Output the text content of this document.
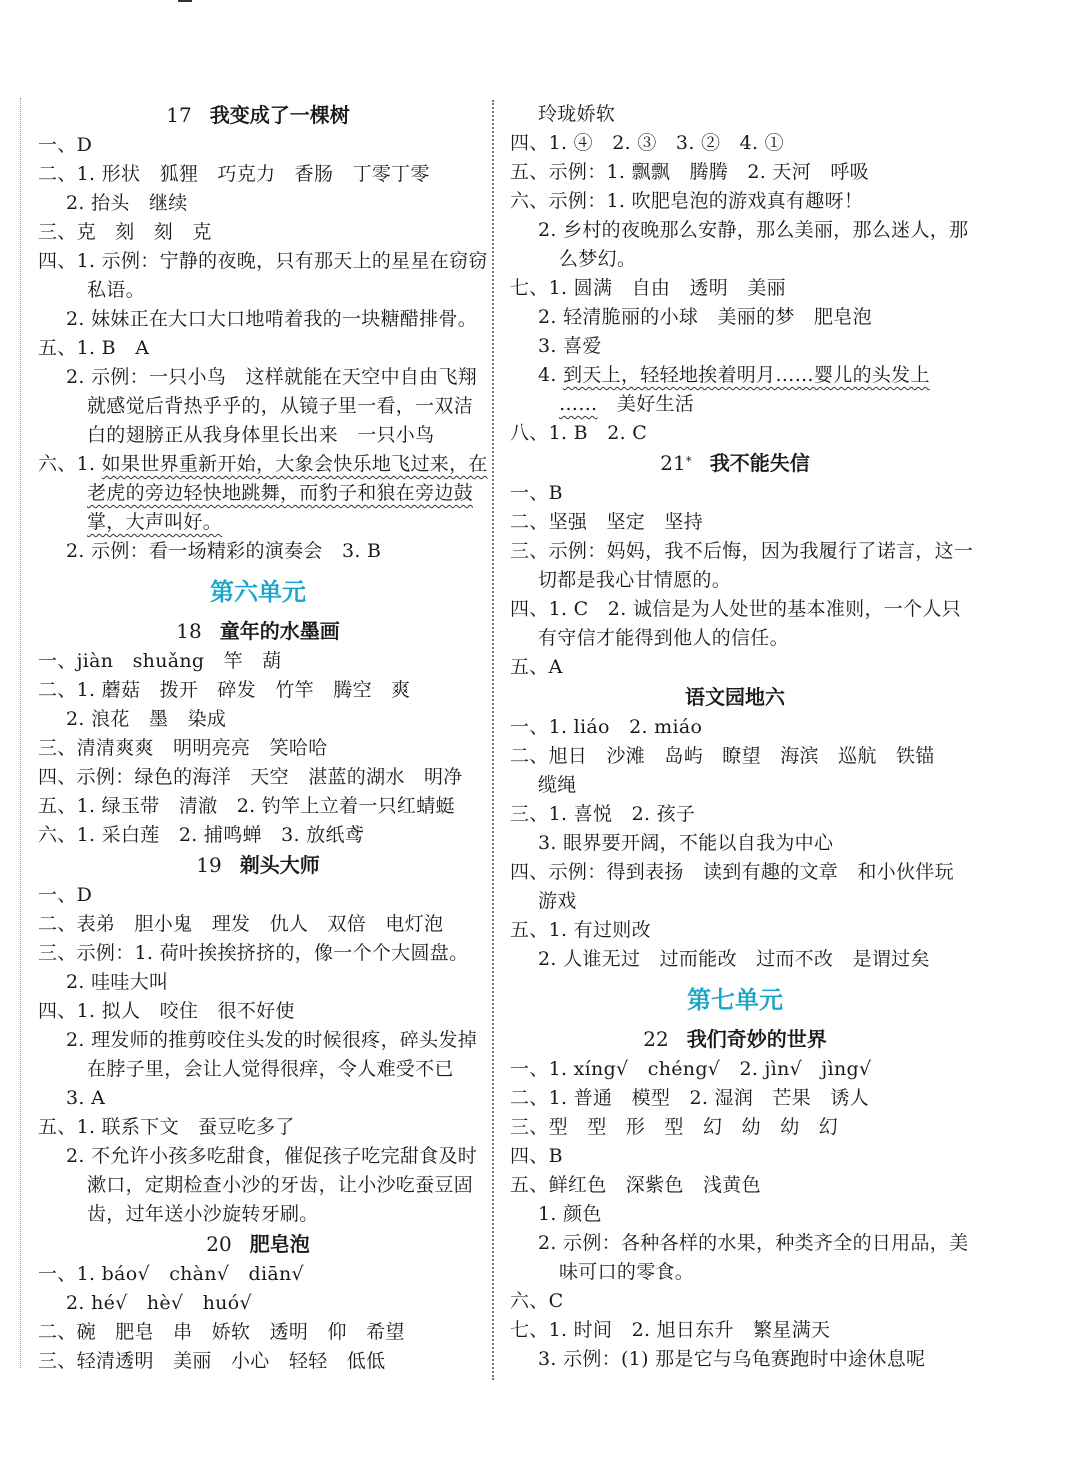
17 我变成了一棵树
一、D
二、1. 形状　狐狸　巧克力　香肠　丁零丁零
2. 抬头　继续
三、克　刻　刻　克
四、1. 示例：宁静的夜晚，只有那天上的星星在窃窃
私语。
2. 妹妹正在大口大口地啃着我的一块糖醋排骨。
五、1. B　A
2. 示例：一只小鸟　这样就能在天空中自由飞翔
就感觉后背热乎乎的，从镜子里一看，一双洁
白的翅膀正从我身体里长出来　一只小鸟
六、1. 如果世界重新开始，大象会快乐地飞过来，在
老虎的旁边轻快地跳舞，而豹子和狼在旁边鼓
掌，大声叫好。
2. 示例：看一场精彩的演奏会　3. B
第六单元
18 童年的水墨画
一、jiàn　shuǎng　竿　葫
二、1. 蘑菇　拨开　碎发　竹竿　腾空　爽
2. 浪花　墨　染成
三、清清爽爽　明明亮亮　笑哈哈
四、示例：绿色的海洋　天空　湛蓝的湖水　明净
五、1. 绿玉带　清澈　2. 钓竿上立着一只红蜻蜓
六、1. 采白莲　2. 捕鸣蝉　3. 放纸鸢
19 剃头大师
一、D
二、表弟　胆小鬼　理发　仇人　双倍　电灯泡
三、示例：1. 荷叶挨挨挤挤的，像一个个大圆盘。
2. 哇哇大叫
四、1. 拟人　咬住　很不好使
2. 理发师的推剪咬住头发的时候很疼，碎头发掉
在脖子里，会让人觉得很痒，令人难受不已
3. A
五、1. 联系下文　蚕豆吃多了
2. 不允许小孩多吃甜食，催促孩子吃完甜食及时
漱口，定期检查小沙的牙齿，让小沙吃蚕豆固
齿，过年送小沙旋转牙刷。
20 肥皂泡
一、1. báo√　chàn√　diān√
2. hé√　hè√　huó√
二、碗　肥皂　串　娇软　透明　仰　希望
三、轻清透明　美丽　小心　轻轻　低低
玲珑娇软
四、1. ④　2. ③　3. ②　4. ①
五、示例：1. 飘飘　腾腾　2. 天河　呼吸
六、示例：1. 吹肥皂泡的游戏真有趣呀！
2. 乡村的夜晚那么安静，那么美丽，那么迷人，那
么梦幻。
七、1. 圆满　自由　透明　美丽
2. 轻清脆丽的小球　美丽的梦　肥皂泡
3. 喜爱
4. 到天上，轻轻地挨着明月……婴儿的头发上
……　美好生活
八、1. B　2. C
21* 我不能失信
一、B
二、坚强　坚定　坚持
三、示例：妈妈，我不后悔，因为我履行了诺言，这一
切都是我心甘情愿的。
四、1. C　2. 诚信是为人处世的基本准则，一个人只
有守信才能得到他人的信任。
五、A
语文园地六
一、1. liáo　2. miáo
二、旭日　沙滩　岛屿　瞭望　海滨　巡航　铁锚
缆绳
三、1. 喜悦　2. 孩子
3. 眼界要开阔，不能以自我为中心
四、示例：得到表扬　读到有趣的文章　和小伙伴玩
游戏
五、1. 有过则改
2. 人谁无过　过而能改　过而不改　是谓过矣
第七单元
22 我们奇妙的世界
一、1. xíng√　chéng√　2. jìn√　jìng√
二、1. 普通　模型　2. 湿润　芒果　诱人
三、型　型　形　型　幻　幼　幼　幻
四、B
五、鲜红色　深紫色　浅黄色
1. 颜色
2. 示例：各种各样的水果，种类齐全的日用品，美
味可口的零食。
六、C
七、1. 时间　2. 旭日东升　繁星满天
3. 示例：(1) 那是它与乌龟赛跑时中途休息呢
